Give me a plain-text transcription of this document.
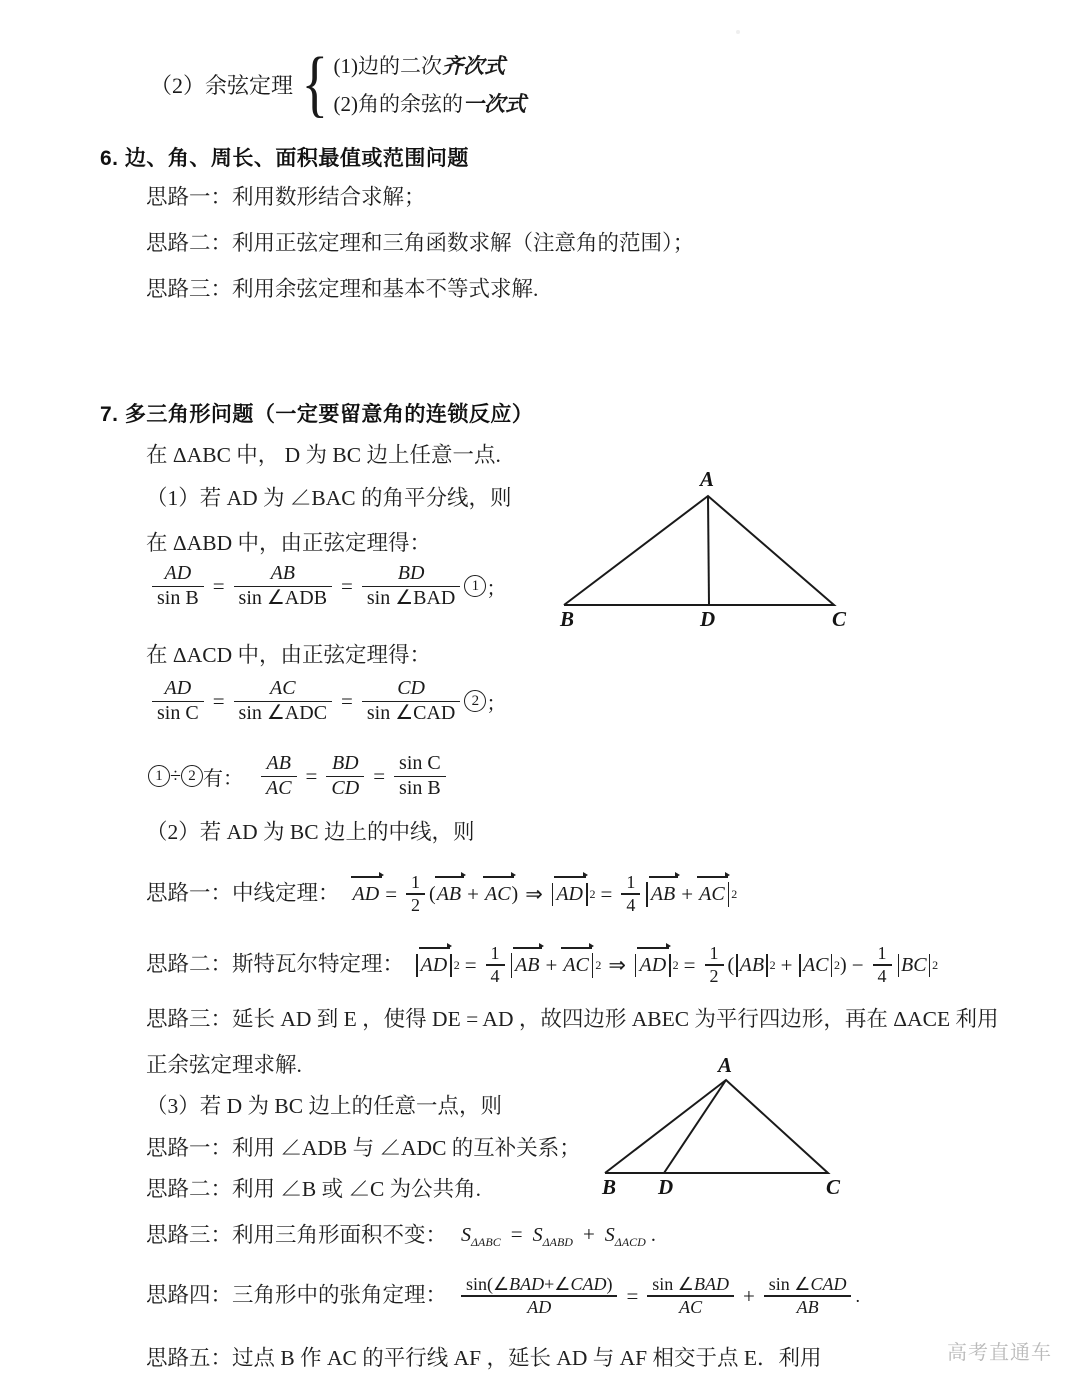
（2）余弦定理 { (1)边的二次齐次式
(2)角的余弦的一次式
6. 边、角、周长、面积最值或范围问题
思路一：利用数形结合求解；
思路二：利用正弦定理和三角函数求解（注意角的范围）；
思路三：利用余弦定理和基本不等式求解.
7. 多三角形问题（一定要留意角的连锁反应）
在 ΔABC 中， D 为 BC 边上任意一点.
（1）若 AD 为 ∠BAC 的角平分线，则
在 ΔABD 中，由正弦定理得：
$\frac{AD}{\text{sin B}} = \frac{AB}{\text{sin ∠ADB}} = \frac{BD}{\text{sin ∠BAD}} 1$ ；
在 ΔACD 中，由正弦定理得：
$\frac{AD}{\text{sin C}} = \frac{AC}{\text{sin ∠ADC}} = \frac{CD}{\text{sin ∠CAD}} 2$ ；
1 ÷ 2 有： $\frac{AB}{AC} = \frac{BD}{CD} = \frac{\text{sin C}}{\text{sin B}}$
（2）若 AD 为 BC 边上的中线，则
思路一：中线定理： AD = $\frac{1}{2}$ ( AB + AC ) ⇒ AD $2 = \frac{1}{4}$ AB + AC 2
思路二：斯特瓦尔特定理： AD $2 = \frac{1}{4}$ AB + AC 2 ⇒ AD $2 = \frac{1}{2}$ ( AB 2 + AC 2 ) − $\frac{1}{4}$ BC 2
思路三：延长 AD 到 E ，使得 DE = AD ，故四边形 ABEC 为平行四边形，再在 ΔACE 利用
正余弦定理求解.
（3）若 D 为 BC 边上的任意一点，则
思路一：利用 ∠ADB 与 ∠ADC 的互补关系；
思路二：利用 ∠B 或 ∠C 为公共角.
思路三：利用三角形面积不变： $S_{\Delta ABC} = S_{\Delta ABD} + S_{\Delta ACD}$ .
思路四：三角形中的张角定理： $\frac{\text{sin(∠BAD+∠CAD)}}{AD} = \frac{\text{sin ∠BAD}}{AC} + \frac{\text{sin ∠CAD}}{AB}$ .
思路五：过点 B 作 AC 的平行线 AF ，延长 AD 与 AF 相交于点 E．利用
A
B	D	C
A
B D	C
高考直通车
